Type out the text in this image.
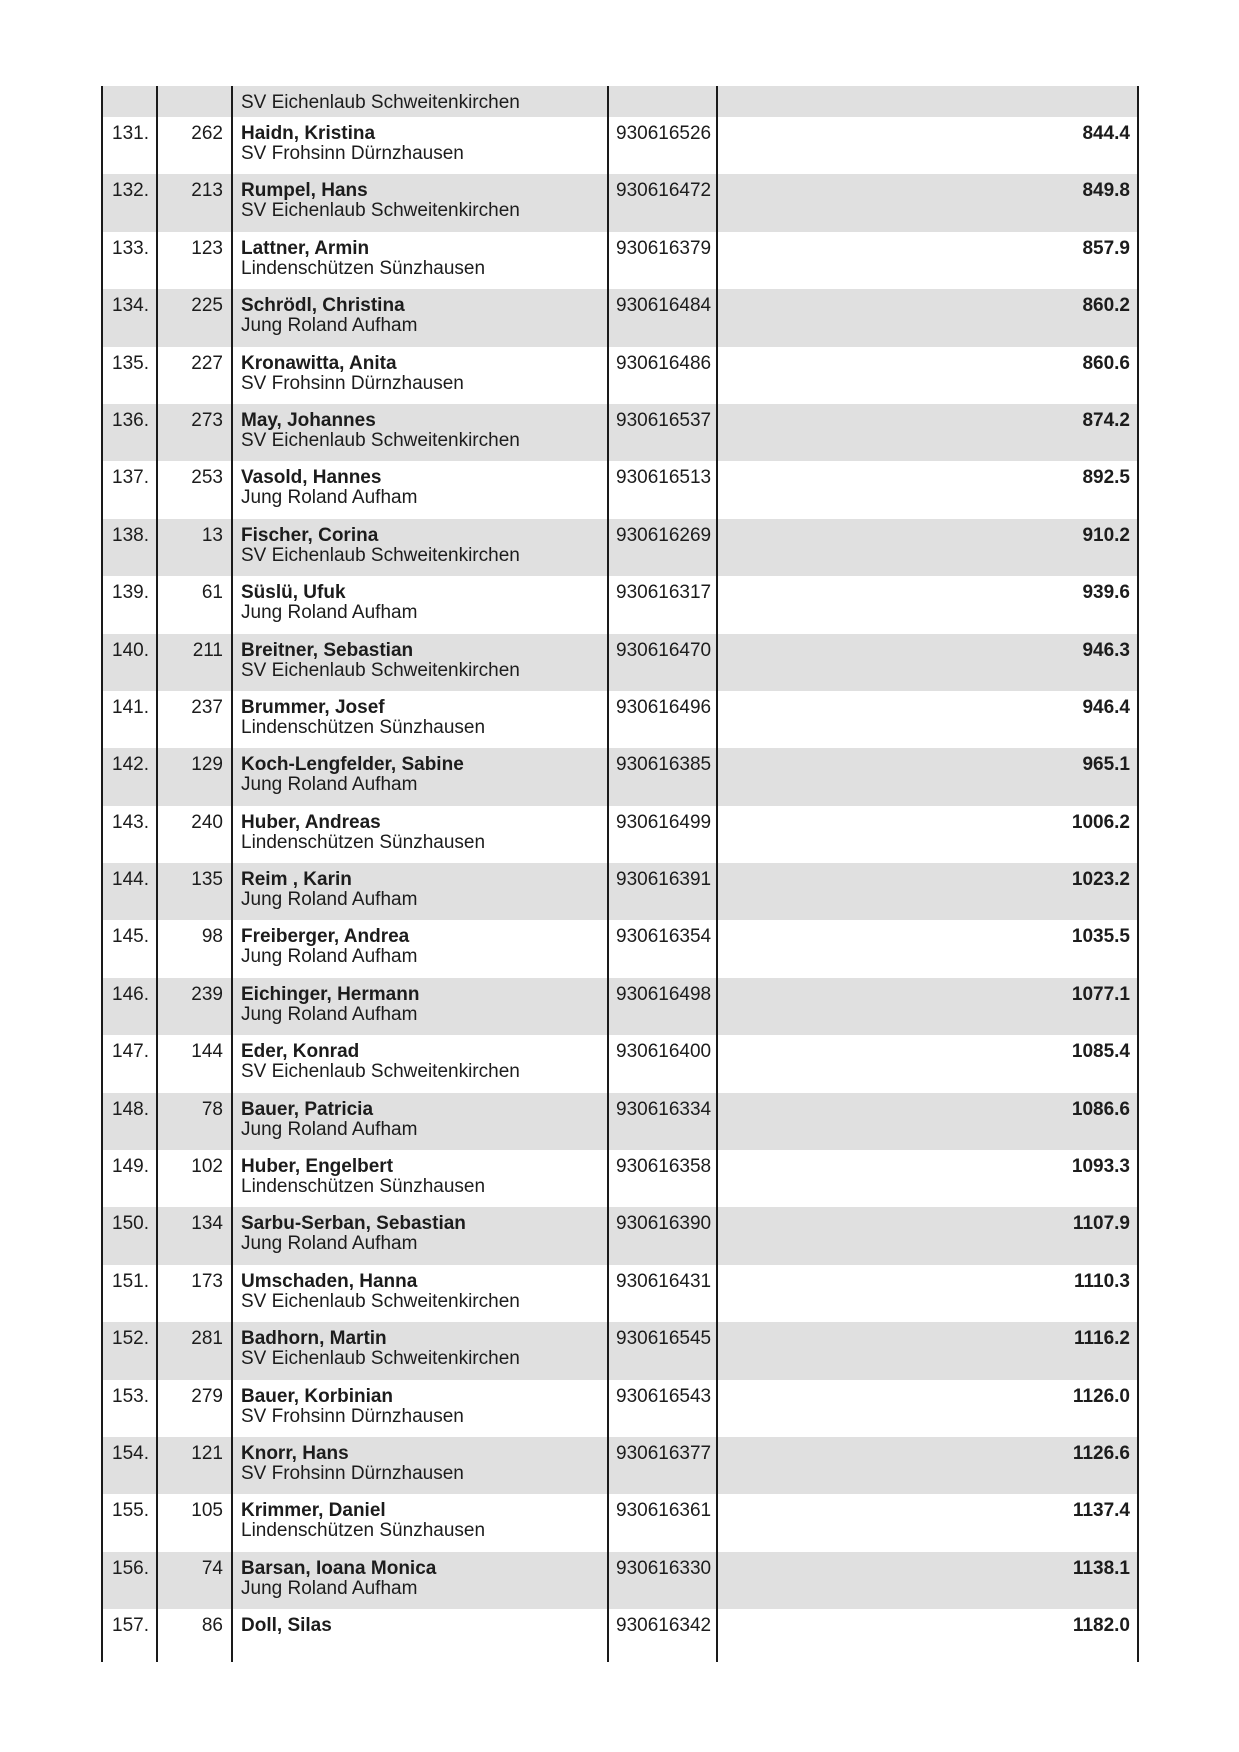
SV Eichenlaub Schweitenkirchen
131.	262 Haidn, Kristina
SV Frohsinn Dürnzhausen
930616526	844.4
132.	213 Rumpel, Hans
SV Eichenlaub Schweitenkirchen
930616472	849.8
133.	123 Lattner, Armin
Lindenschützen Sünzhausen
930616379	857.9
134.	225 Schrödl, Christina
Jung Roland Aufham
930616484	860.2
135.	227 Kronawitta, Anita
SV Frohsinn Dürnzhausen
930616486	860.6
136.	273 May, Johannes
SV Eichenlaub Schweitenkirchen
930616537	874.2
137.	253 Vasold, Hannes
Jung Roland Aufham
930616513	892.5
138.	13 Fischer, Corina
SV Eichenlaub Schweitenkirchen
930616269	910.2
139.	61 Süslü, Ufuk
Jung Roland Aufham
930616317	939.6
140.	211 Breitner, Sebastian
SV Eichenlaub Schweitenkirchen
930616470	946.3
141.	237 Brummer, Josef
Lindenschützen Sünzhausen
930616496	946.4
142.	129 Koch-Lengfelder, Sabine
Jung Roland Aufham
930616385	965.1
143.	240 Huber, Andreas
Lindenschützen Sünzhausen
930616499	1006.2
144.	135 Reim , Karin
Jung Roland Aufham
930616391	1023.2
145.	98 Freiberger, Andrea
Jung Roland Aufham
930616354	1035.5
146.	239 Eichinger, Hermann
Jung Roland Aufham
930616498	1077.1
147.	144 Eder, Konrad
SV Eichenlaub Schweitenkirchen
930616400	1085.4
148.	78 Bauer, Patricia
Jung Roland Aufham
930616334	1086.6
149.	102 Huber, Engelbert
Lindenschützen Sünzhausen
930616358	1093.3
150.	134 Sarbu-Serban, Sebastian
Jung Roland Aufham
930616390	1107.9
151.	173 Umschaden, Hanna
SV Eichenlaub Schweitenkirchen
930616431	1110.3
152.	281 Badhorn, Martin
SV Eichenlaub Schweitenkirchen
930616545	1116.2
153.	279 Bauer, Korbinian
SV Frohsinn Dürnzhausen
930616543	1126.0
154.	121 Knorr, Hans
SV Frohsinn Dürnzhausen
930616377	1126.6
155.	105 Krimmer, Daniel
Lindenschützen Sünzhausen
930616361	1137.4
156.	74 Barsan, Ioana Monica
Jung Roland Aufham
930616330	1138.1
157.	86 Doll, Silas	930616342	1182.0
